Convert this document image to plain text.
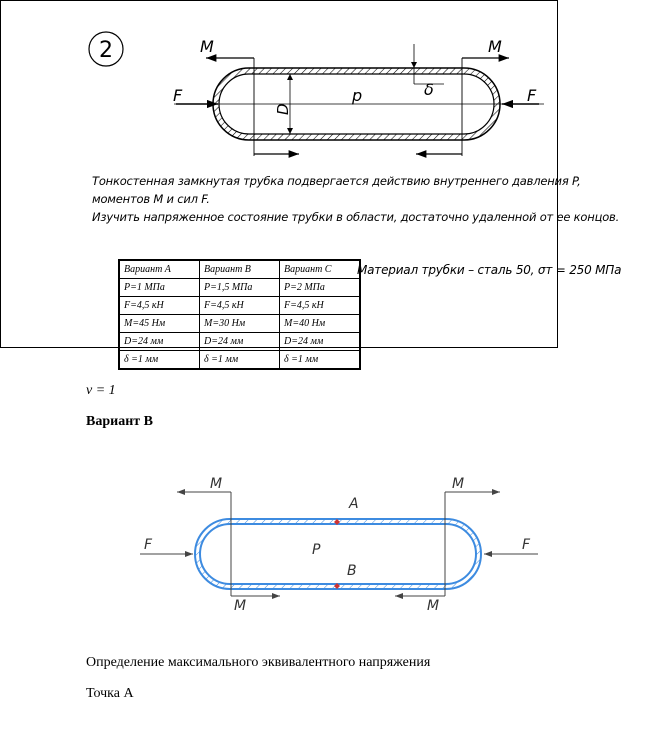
2	M	M
F	F
p
D
δ
Тонкостенная замкнутая трубка подвергается действию внутреннего давления P,
моментов M и сил F.
Изучить напряженное состояние трубки в области, достаточно удаленной от ее концов.
Вариант A	Вариант B	Вариант C
P=1 МПа	P=1,5 МПа	P=2 МПа
F=4,5 кН	F=4,5 кН	F=4,5 кН
M=45 Нм	M=30 Нм	M=40 Нм
D=24 мм	D=24 мм	D=24 мм
δ =1 мм	δ =1 мм	δ =1 мм
Материал трубки – сталь 50, σт = 250 МПа
ν = 1
Вариант B
M	M
M	M
F	F
P
A
B
Определение максимального эквивалентного напряжения
Точка А
